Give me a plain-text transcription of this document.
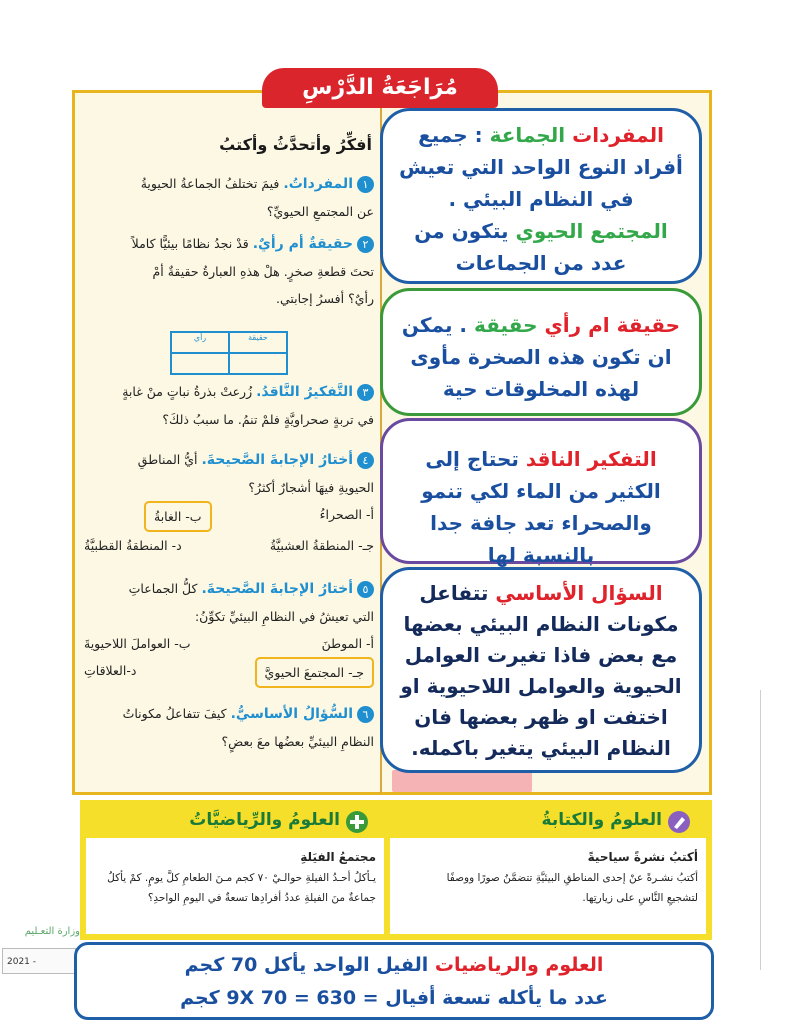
مُرَاجَعَةُ الدَّرْسِ
أفكِّرُ وأتحدَّثُ وأكتبُ
١المفرداتُ. فيمَ تختلفُ الجماعةُ الحيويةُ
عن المجتمعِ الحيويِّ؟
٢حقيقةٌ أم رأيٌ. قدْ نجدُ نظامًا بيئيًّا كاملاً
تحتَ قطعةِ صخرٍ. هلْ هذهِ العبارةُ حقيقةٌ أمْ
رأيٌ؟ أفسرُ إجابتي.
٣التَّفكيرُ النَّاقدُ. زُرعتْ بذرةُ نباتٍ منْ غابةٍ
في تربةٍ صحراويَّةٍ فلمْ تنمُ. ما سببُ ذلكَ؟
٤أختارُ الإجابةَ الصَّحيحةَ. أيُّ المناطقِ
الحيويةِ فيهَا أشجارٌ أكثرُ؟
أ- الصحراءُ
ب- الغابةُ
جـ- المنطقةُ العشبيَّةُ
د- المنطقةُ القطبيَّةُ
٥أختارُ الإجابةَ الصَّحيحةَ. كلُّ الجماعاتِ
التي تعيشُ في النظامِ البيئيِّ تكوِّنُ:
أ- الموطنَ
ب- العواملَ اللاحيويةَ
جـ- المجتمعَ الحيويَّ
د-العلاقاتِ
٦السُّؤالُ الأساسيُّ. كيفَ تتفاعلُ مكوناتُ
النظامِ البيئيِّ بعضُها معَ بعضٍ؟
رأي	حقيقة
المفردات الجماعة : جميع أفراد النوع الواحد التي تعيش في النظام البيئي .
المجتمع الحيوي يتكون من عدد من الجماعات
حقيقة ام رأي حقيقة . يمكن ان تكون هذه الصخرة مأوى لهذه المخلوقات حية
التفكير الناقد تحتاج إلى الكثير من الماء لكي تنمو والصحراء تعد جافة جدا بالنسبة لها
السؤال الأساسي تتفاعل مكونات النظام البيئي بعضها مع بعض فاذا تغيرت العوامل الحيوية والعوامل اللاحيوية او اختفت او ظهر بعضها فان النظام البيئي يتغير باكمله.
العلومُ والرِّياضيَّاتُ	العلومُ والكتابةُ
مجتمعُ الفيَلةِ
يـأكلُ أحـدُ الفيلةِ حوالـيْ ٧٠ كجم مـنَ الطعامِ كلَّ يومٍ. كمْ يأكلُ
جماعةٌ منَ الفيلةِ عددُ أفرادِها تسعةٌ في اليومِ الواحدِ؟
أكتبُ نشرةً سياحيةً
أكتبُ نشـرةً عنْ إحدى المناطقِ البيئيَّةِ تتضمَّنُ صورًا ووصفًا
لتشجيعِ النَّاسِ على زيارتِها.
وزارة التعـليم
2021 -	العلوم والرياضيات الفيل الواحد يأكل 70 كجم
عدد ما يأكله تسعة أفيال = 9X 70 = 630 كجم
